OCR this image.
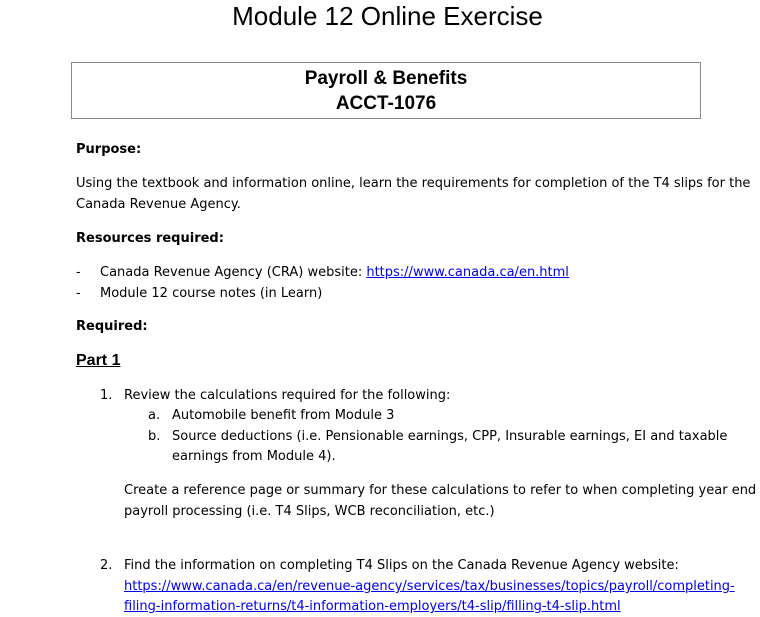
Module 12 Online Exercise
Payroll & Benefits
ACCT-1076
Purpose:
Using the textbook and information online, learn the requirements for completion of the T4 slips for the
Canada Revenue Agency.
Resources required:
- Canada Revenue Agency (CRA) website: https://www.canada.ca/en.html
- Module 12 course notes (in Learn)
Required:
Part 1
1. Review the calculations required for the following:
a. Automobile benefit from Module 3
b. Source deductions (i.e. Pensionable earnings, CPP, Insurable earnings, EI and taxable
earnings from Module 4).
Create a reference page or summary for these calculations to refer to when completing year end
payroll processing (i.e. T4 Slips, WCB reconciliation, etc.)
2. Find the information on completing T4 Slips on the Canada Revenue Agency website:
https://www.canada.ca/en/revenue-agency/services/tax/businesses/topics/payroll/completing-
filing-information-returns/t4-information-employers/t4-slip/filling-t4-slip.html
